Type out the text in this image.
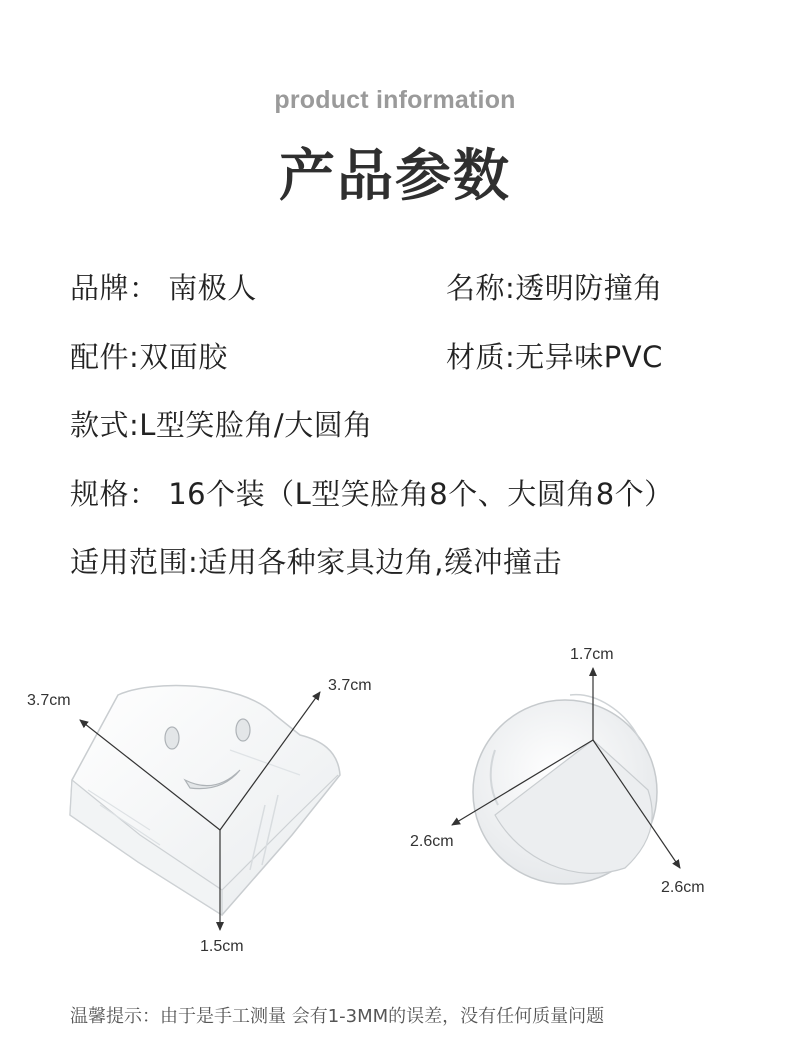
product information
产品参数
品牌： 南极人	名称:透明防撞角
配件:双面胶	材质:无异味PVC
款式:L型笑脸角/大圆角
规格： 16个装（L型笑脸角8个、大圆角8个）
适用范围:适用各种家具边角,缓冲撞击
3.7cm
3.7cm
1.5cm
1.7cm
2.6cm
2.6cm
温馨提示：由于是手工测量 会有1-3MM的误差，没有任何质量问题
